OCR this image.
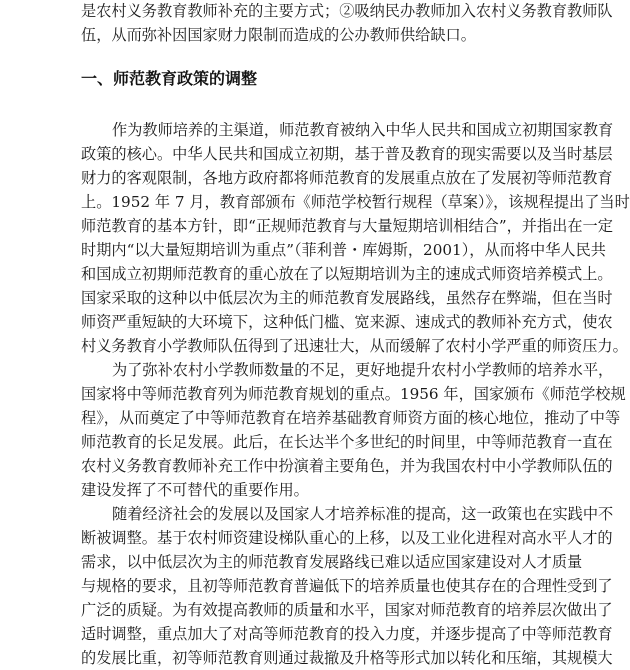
是农村义务教育教师补充的主要方式；②吸纳民办教师加入农村义务教育教师队
伍，从而弥补因国家财力限制而造成的公办教师供给缺口。
一、师范教育政策的调整
作为教师培养的主渠道，师范教育被纳入中华人民共和国成立初期国家教育
政策的核心。中华人民共和国成立初期，基于普及教育的现实需要以及当时基层
财力的客观限制，各地方政府都将师范教育的发展重点放在了发展初等师范教育
上。1952 年 7 月，教育部颁布《师范学校暂行规程（草案）》，该规程提出了当时
师范教育的基本方针，即“正规师范教育与大量短期培训相结合”，并指出在一定
时期内“以大量短期培训为重点”（菲利普・库姆斯，2001），从而将中华人民共
和国成立初期师范教育的重心放在了以短期培训为主的速成式师资培养模式上。
国家采取的这种以中低层次为主的师范教育发展路线，虽然存在弊端，但在当时
师资严重短缺的大环境下，这种低门槛、宽来源、速成式的教师补充方式，使农
村义务教育小学教师队伍得到了迅速壮大，从而缓解了农村小学严重的师资压力。
为了弥补农村小学教师数量的不足，更好地提升农村小学教师的培养水平，
国家将中等师范教育列为师范教育规划的重点。1956 年，国家颁布《师范学校规
程》，从而奠定了中等师范教育在培养基础教育师资方面的核心地位，推动了中等
师范教育的长足发展。此后，在长达半个多世纪的时间里，中等师范教育一直在
农村义务教育教师补充工作中扮演着主要角色，并为我国农村中小学教师队伍的
建设发挥了不可替代的重要作用。
随着经济社会的发展以及国家人才培养标准的提高，这一政策也在实践中不
断被调整。基于农村师资建设梯队重心的上移，以及工业化进程对高水平人才的
需求，以中低层次为主的师范教育发展路线已难以适应国家建设对人才质量
与规格的要求，且初等师范教育普遍低下的培养质量也使其存在的合理性受到了
广泛的质疑。为有效提高教师的质量和水平，国家对师范教育的培养层次做出了
适时调整，重点加大了对高等师范教育的投入力度，并逐步提高了中等师范教育
的发展比重，初等师范教育则通过裁撤及升格等形式加以转化和压缩，其规模大
